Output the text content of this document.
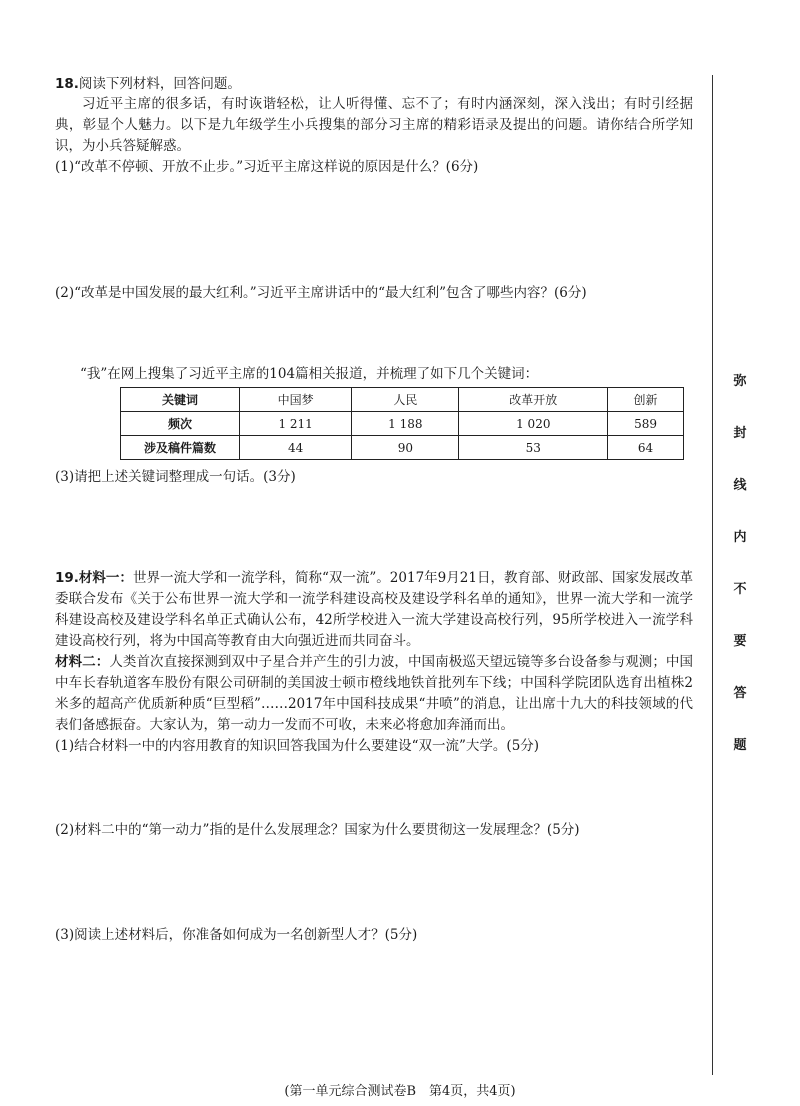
18.阅读下列材料，回答问题。
习近平主席的很多话，有时诙谐轻松，让人听得懂、忘不了；有时内涵深刻，深入浅出；有时引经据典，彰显个人魅力。以下是九年级学生小兵搜集的部分习主席的精彩语录及提出的问题。请你结合所学知识，为小兵答疑解惑。
(1)“改革不停顿、开放不止步。”习近平主席这样说的原因是什么？(6分)
(2)“改革是中国发展的最大红利。”习近平主席讲话中的“最大红利”包含了哪些内容？(6分)
“我”在网上搜集了习近平主席的104篇相关报道，并梳理了如下几个关键词：
关键词	中国梦	人民	改革开放	创新
频次	1 211	1 188	1 020	589
涉及稿件篇数	44	90	53	64
(3)请把上述关键词整理成一句话。(3分)
19.材料一：世界一流大学和一流学科，简称“双一流”。2017年9月21日，教育部、财政部、国家发展改革委联合发布《关于公布世界一流大学和一流学科建设高校及建设学科名单的通知》，世界一流大学和一流学科建设高校及建设学科名单正式确认公布，42所学校进入一流大学建设高校行列，95所学校进入一流学科建设高校行列，将为中国高等教育由大向强近进而共同奋斗。
材料二：人类首次直接探测到双中子星合并产生的引力波，中国南极巡天望远镜等多台设备参与观测；中国中车长春轨道客车股份有限公司研制的美国波士顿市橙线地铁首批列车下线；中国科学院团队选育出植株2米多的超高产优质新种质“巨型稻”……2017年中国科技成果“井喷”的消息，让出席十九大的科技领域的代表们备感振奋。大家认为，第一动力一发而不可收，未来必将愈加奔涌而出。
(1)结合材料一中的内容用教育的知识回答我国为什么要建设“双一流”大学。(5分)
(2)材料二中的“第一动力”指的是什么发展理念？国家为什么要贯彻这一发展理念？(5分)
(3)阅读上述材料后，你准备如何成为一名创新型人才？(5分)
弥
封
线
内
不
要
答
题
(第一单元综合测试卷B　第4页，共4页)
